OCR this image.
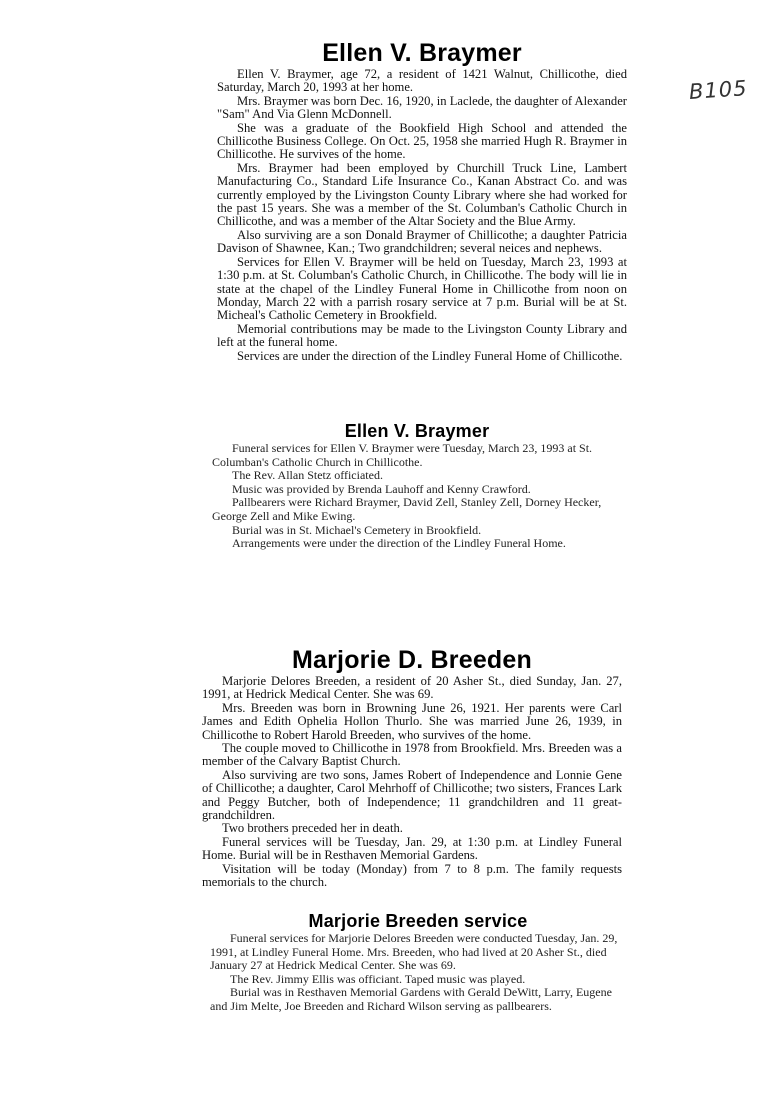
B105
Ellen V. Braymer

Ellen V. Braymer, age 72, a resident of 1421 Walnut, Chillicothe, died Saturday, March 20, 1993 at her home.

Mrs. Braymer was born Dec. 16, 1920, in Laclede, the daughter of Alexander "Sam" And Via Glenn McDonnell.

She was a graduate of the Bookfield High School and attended the Chillicothe Business College. On Oct. 25, 1958 she married Hugh R. Braymer in Chillicothe. He survives of the home.

Mrs. Braymer had been employed by Churchill Truck Line, Lambert Manufacturing Co., Standard Life Insurance Co., Kanan Abstract Co. and was currently employed by the Livingston County Library where she had worked for the past 15 years. She was a member of the St. Columban's Catholic Church in Chillicothe, and was a member of the Altar Society and the Blue Army.

Also surviving are a son Donald Braymer of Chillicothe; a daughter Patricia Davison of Shawnee, Kan.; Two grandchildren; several neices and nephews.

Services for Ellen V. Braymer will be held on Tuesday, March 23, 1993 at 1:30 p.m. at St. Columban's Catholic Church, in Chillicothe. The body will lie in state at the chapel of the Lindley Funeral Home in Chillicothe from noon on Monday, March 22 with a parrish rosary service at 7 p.m. Burial will be at St. Micheal's Catholic Cemetery in Brookfield.

Memorial contributions may be made to the Livingston County Library and left at the funeral home.

Services are under the direction of the Lindley Funeral Home of Chillicothe.

Ellen V. Braymer

Funeral services for Ellen V. Braymer were Tuesday, March 23, 1993 at St. Columban's Catholic Church in Chillicothe.

The Rev. Allan Stetz officiated.

Music was provided by Brenda Lauhoff and Kenny Crawford.

Pallbearers were Richard Braymer, David Zell, Stanley Zell, Dorney Hecker, George Zell and Mike Ewing.

Burial was in St. Michael's Cemetery in Brookfield.

Arrangements were under the direction of the Lindley Funeral Home.

Marjorie D. Breeden

Marjorie Delores Breeden, a resident of 20 Asher St., died Sunday, Jan. 27, 1991, at Hedrick Medical Center. She was 69.

Mrs. Breeden was born in Browning June 26, 1921. Her parents were Carl James and Edith Ophelia Hollon Thurlo. She was married June 26, 1939, in Chillicothe to Robert Harold Breeden, who survives of the home.

The couple moved to Chillicothe in 1978 from Brookfield. Mrs. Breeden was a member of the Calvary Baptist Church.

Also surviving are two sons, James Robert of Independence and Lonnie Gene of Chillicothe; a daughter, Carol Mehrhoff of Chillicothe; two sisters, Frances Lark and Peggy Butcher, both of Independence; 11 grandchildren and 11 great-grandchildren.

Two brothers preceded her in death.

Funeral services will be Tuesday, Jan. 29, at 1:30 p.m. at Lindley Funeral Home. Burial will be in Resthaven Memorial Gardens.

Visitation will be today (Monday) from 7 to 8 p.m. The family requests memorials to the church.

Marjorie Breeden service

Funeral services for Marjorie Delores Breeden were conducted Tuesday, Jan. 29, 1991, at Lindley Funeral Home. Mrs. Breeden, who had lived at 20 Asher St., died January 27 at Hedrick Medical Center. She was 69.

The Rev. Jimmy Ellis was officiant. Taped music was played.

Burial was in Resthaven Memorial Gardens with Gerald DeWitt, Larry, Eugene and Jim Melte, Joe Breeden and Richard Wilson serving as pallbearers.
